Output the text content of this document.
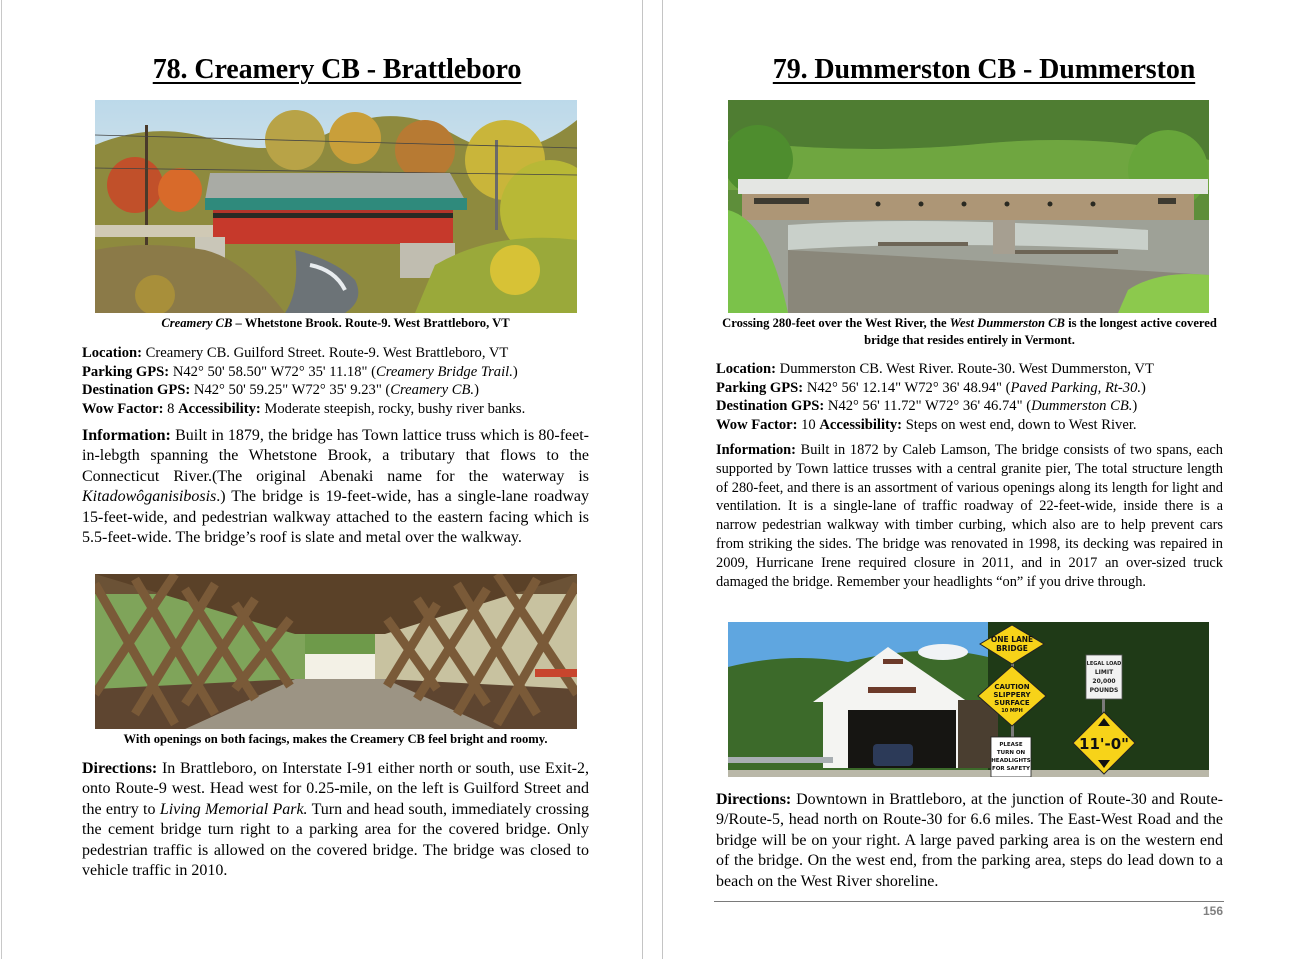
78. Creamery CB - Brattleboro
Creamery CB – Whetstone Brook. Route-9. West Brattleboro, VT
Location: Creamery CB. Guilford Street. Route-9. West Brattleboro, VT
Parking GPS: N42° 50' 58.50" W72° 35' 11.18" (Creamery Bridge Trail.)
Destination GPS: N42° 50' 59.25" W72° 35' 9.23" (Creamery CB.)
Wow Factor: 8 Accessibility: Moderate steepish, rocky, bushy river banks.
Information: Built in 1879, the bridge has Town lattice truss which is 80-feet-in-lebgth spanning the Whetstone Brook, a tributary that flows to the Connecticut River.(The original Abenaki name for the waterway is Kitadowôganisibosis.) The bridge is 19-feet-wide, has a single-lane roadway 15-feet-wide, and pedestrian walkway attached to the eastern facing which is 5.5-feet-wide. The bridge’s roof is slate and metal over the walkway.
With openings on both facings, makes the Creamery CB feel bright and roomy.
Directions: In Brattleboro, on Interstate I-91 either north or south, use Exit-2, onto Route-9 west. Head west for 0.25-mile, on the left is Guilford Street and the entry to Living Memorial Park. Turn and head south, immediately crossing the cement bridge turn right to a parking area for the covered bridge. Only pedestrian traffic is allowed on the covered bridge. The bridge was closed to vehicle traffic in 2010.
79. Dummerston CB - Dummerston
Crossing 280-feet over the West River, the West Dummerston CB is the longest active covered bridge that resides entirely in Vermont.
Location: Dummerston CB. West River. Route-30. West Dummerston, VT
Parking GPS: N42° 56' 12.14" W72° 36' 48.94" (Paved Parking, Rt-30.)
Destination GPS: N42° 56' 11.72" W72° 36' 46.74" (Dummerston CB.)
Wow Factor: 10 Accessibility: Steps on west end, down to West River.
Information: Built in 1872 by Caleb Lamson, The bridge consists of two spans, each supported by Town lattice trusses with a central granite pier, The total structure length of 280-feet, and there is an assortment of various openings along its length for light and ventilation. It is a single-lane of traffic roadway of 22-feet-wide, inside there is a narrow pedestrian walkway with timber curbing, which also are to help prevent cars from striking the sides. The bridge was renovated in 1998, its decking was repaired in 2009, Hurricane Irene required closure in 2011, and in 2017 an over-sized truck damaged the bridge. Remember your headlights “on” if you drive through.
ONE LANE
BRIDGE
CAUTION
SLIPPERY
SURFACE
10 MPH
PLEASE
TURN ON
HEADLIGHTS
FOR SAFETY
LEGAL LOAD
LIMIT
20,000
POUNDS
11'-0"
Directions: Downtown in Brattleboro, at the junction of Route-30 and Route-9/Route-5, head north on Route-30 for 6.6 miles. The East-West Road and the bridge will be on your right. A large paved parking area is on the western end of the bridge. On the west end, from the parking area, steps do lead down to a beach on the West River shoreline.
156
